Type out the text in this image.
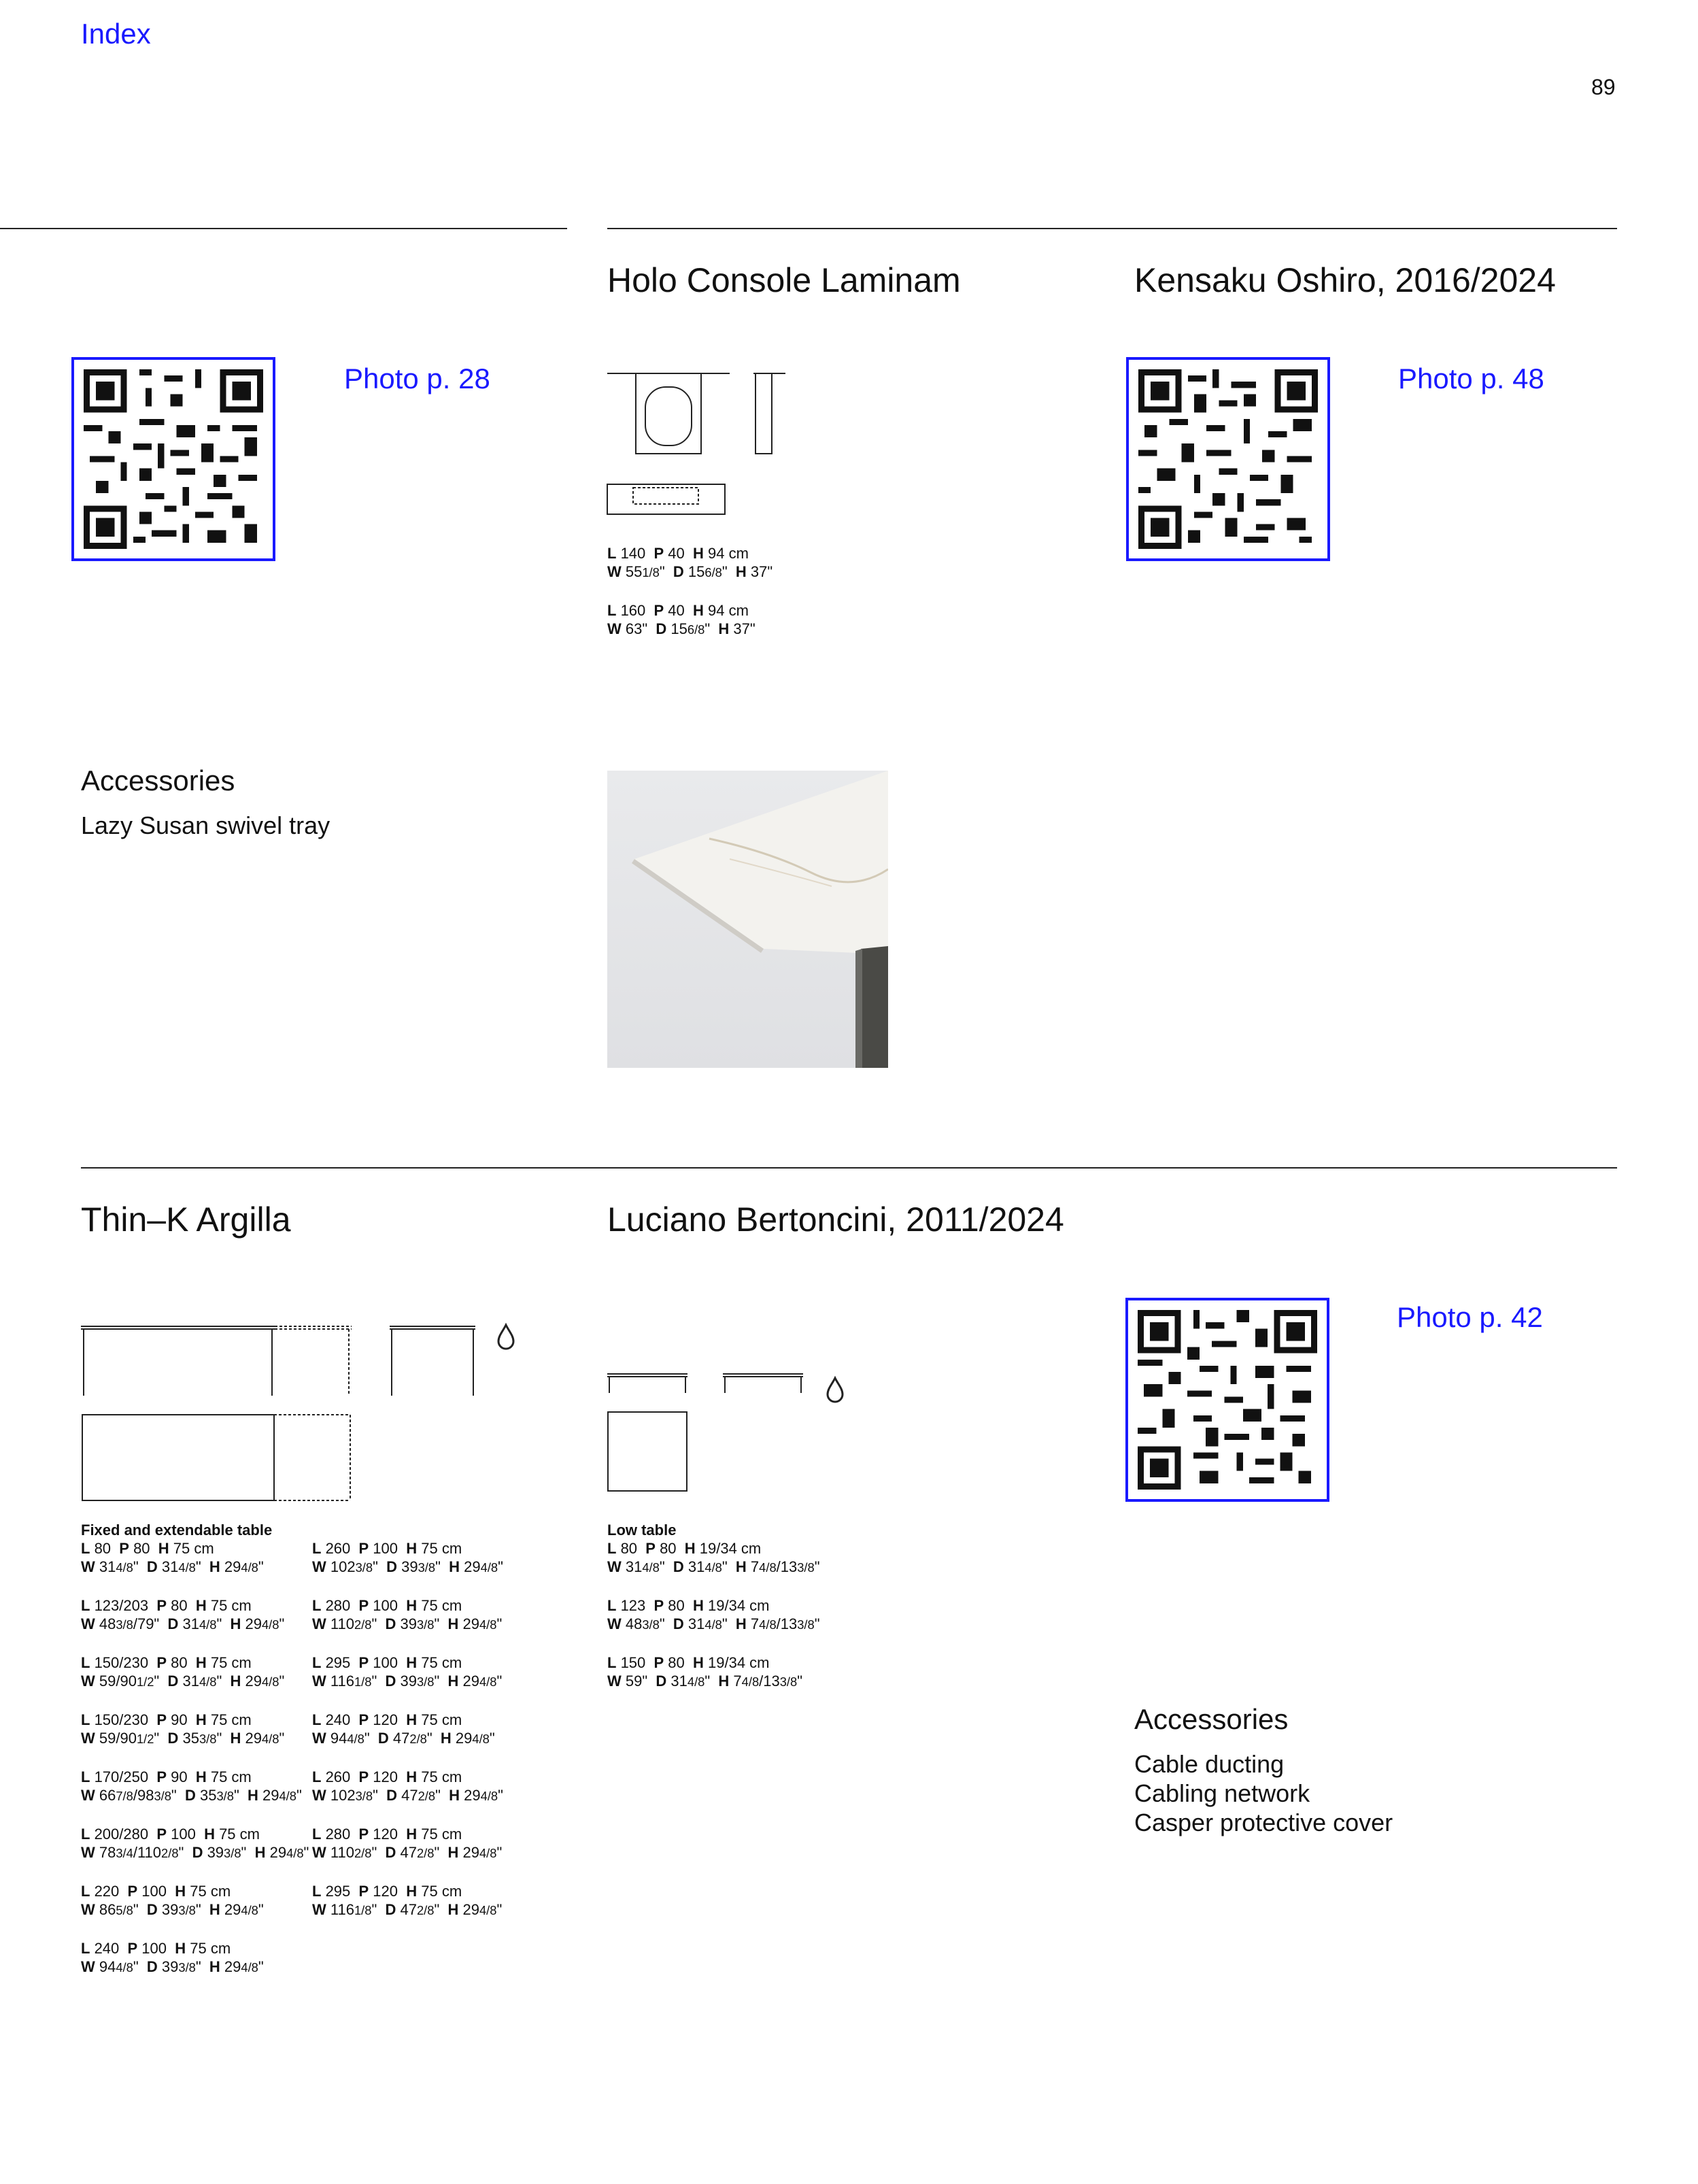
Index
89
Photo p. 28
Holo Console Laminam	Kensaku Oshiro, 2016/2024
Photo p. 48
L 140  P 40  H 94 cm
W 551/8"  D 156/8"  H 37"
L 160  P 40  H 94 cm
W 63"  D 156/8"  H 37"
Accessories
Lazy Susan swivel tray
Thin–K Argilla	Luciano Bertoncini, 2011/2024
Photo p. 42
Fixed and extendable table
L 80  P 80  H 75 cm
W 314/8"  D 314/8"  H 294/8"
L 123/203  P 80  H 75 cm
W 483/8/79"  D 314/8"  H 294/8"
L 150/230  P 80  H 75 cm
W 59/901/2"  D 314/8"  H 294/8"
L 150/230  P 90  H 75 cm
W 59/901/2"  D 353/8"  H 294/8"
L 170/250  P 90  H 75 cm
W 667/8/983/8"  D 353/8"  H 294/8"
L 200/280  P 100  H 75 cm
W 783/4/1102/8"  D 393/8"  H 294/8"
L 220  P 100  H 75 cm
W 865/8"  D 393/8"  H 294/8"
L 240  P 100  H 75 cm
W 944/8"  D 393/8"  H 294/8"
L 260  P 100  H 75 cm
W 1023/8"  D 393/8"  H 294/8"
L 280  P 100  H 75 cm
W 1102/8"  D 393/8"  H 294/8"
L 295  P 100  H 75 cm
W 1161/8"  D 393/8"  H 294/8"
L 240  P 120  H 75 cm
W 944/8"  D 472/8"  H 294/8"
L 260  P 120  H 75 cm
W 1023/8"  D 472/8"  H 294/8"
L 280  P 120  H 75 cm
W 1102/8"  D 472/8"  H 294/8"
L 295  P 120  H 75 cm
W 1161/8"  D 472/8"  H 294/8"
Low table
L 80  P 80  H 19/34 cm
W 314/8"  D 314/8"  H 74/8/133/8"
L 123  P 80  H 19/34 cm
W 483/8"  D 314/8"  H 74/8/133/8"
L 150  P 80  H 19/34 cm
W 59"  D 314/8"  H 74/8/133/8"
Accessories
Cable ducting
Cabling network
Casper protective cover
